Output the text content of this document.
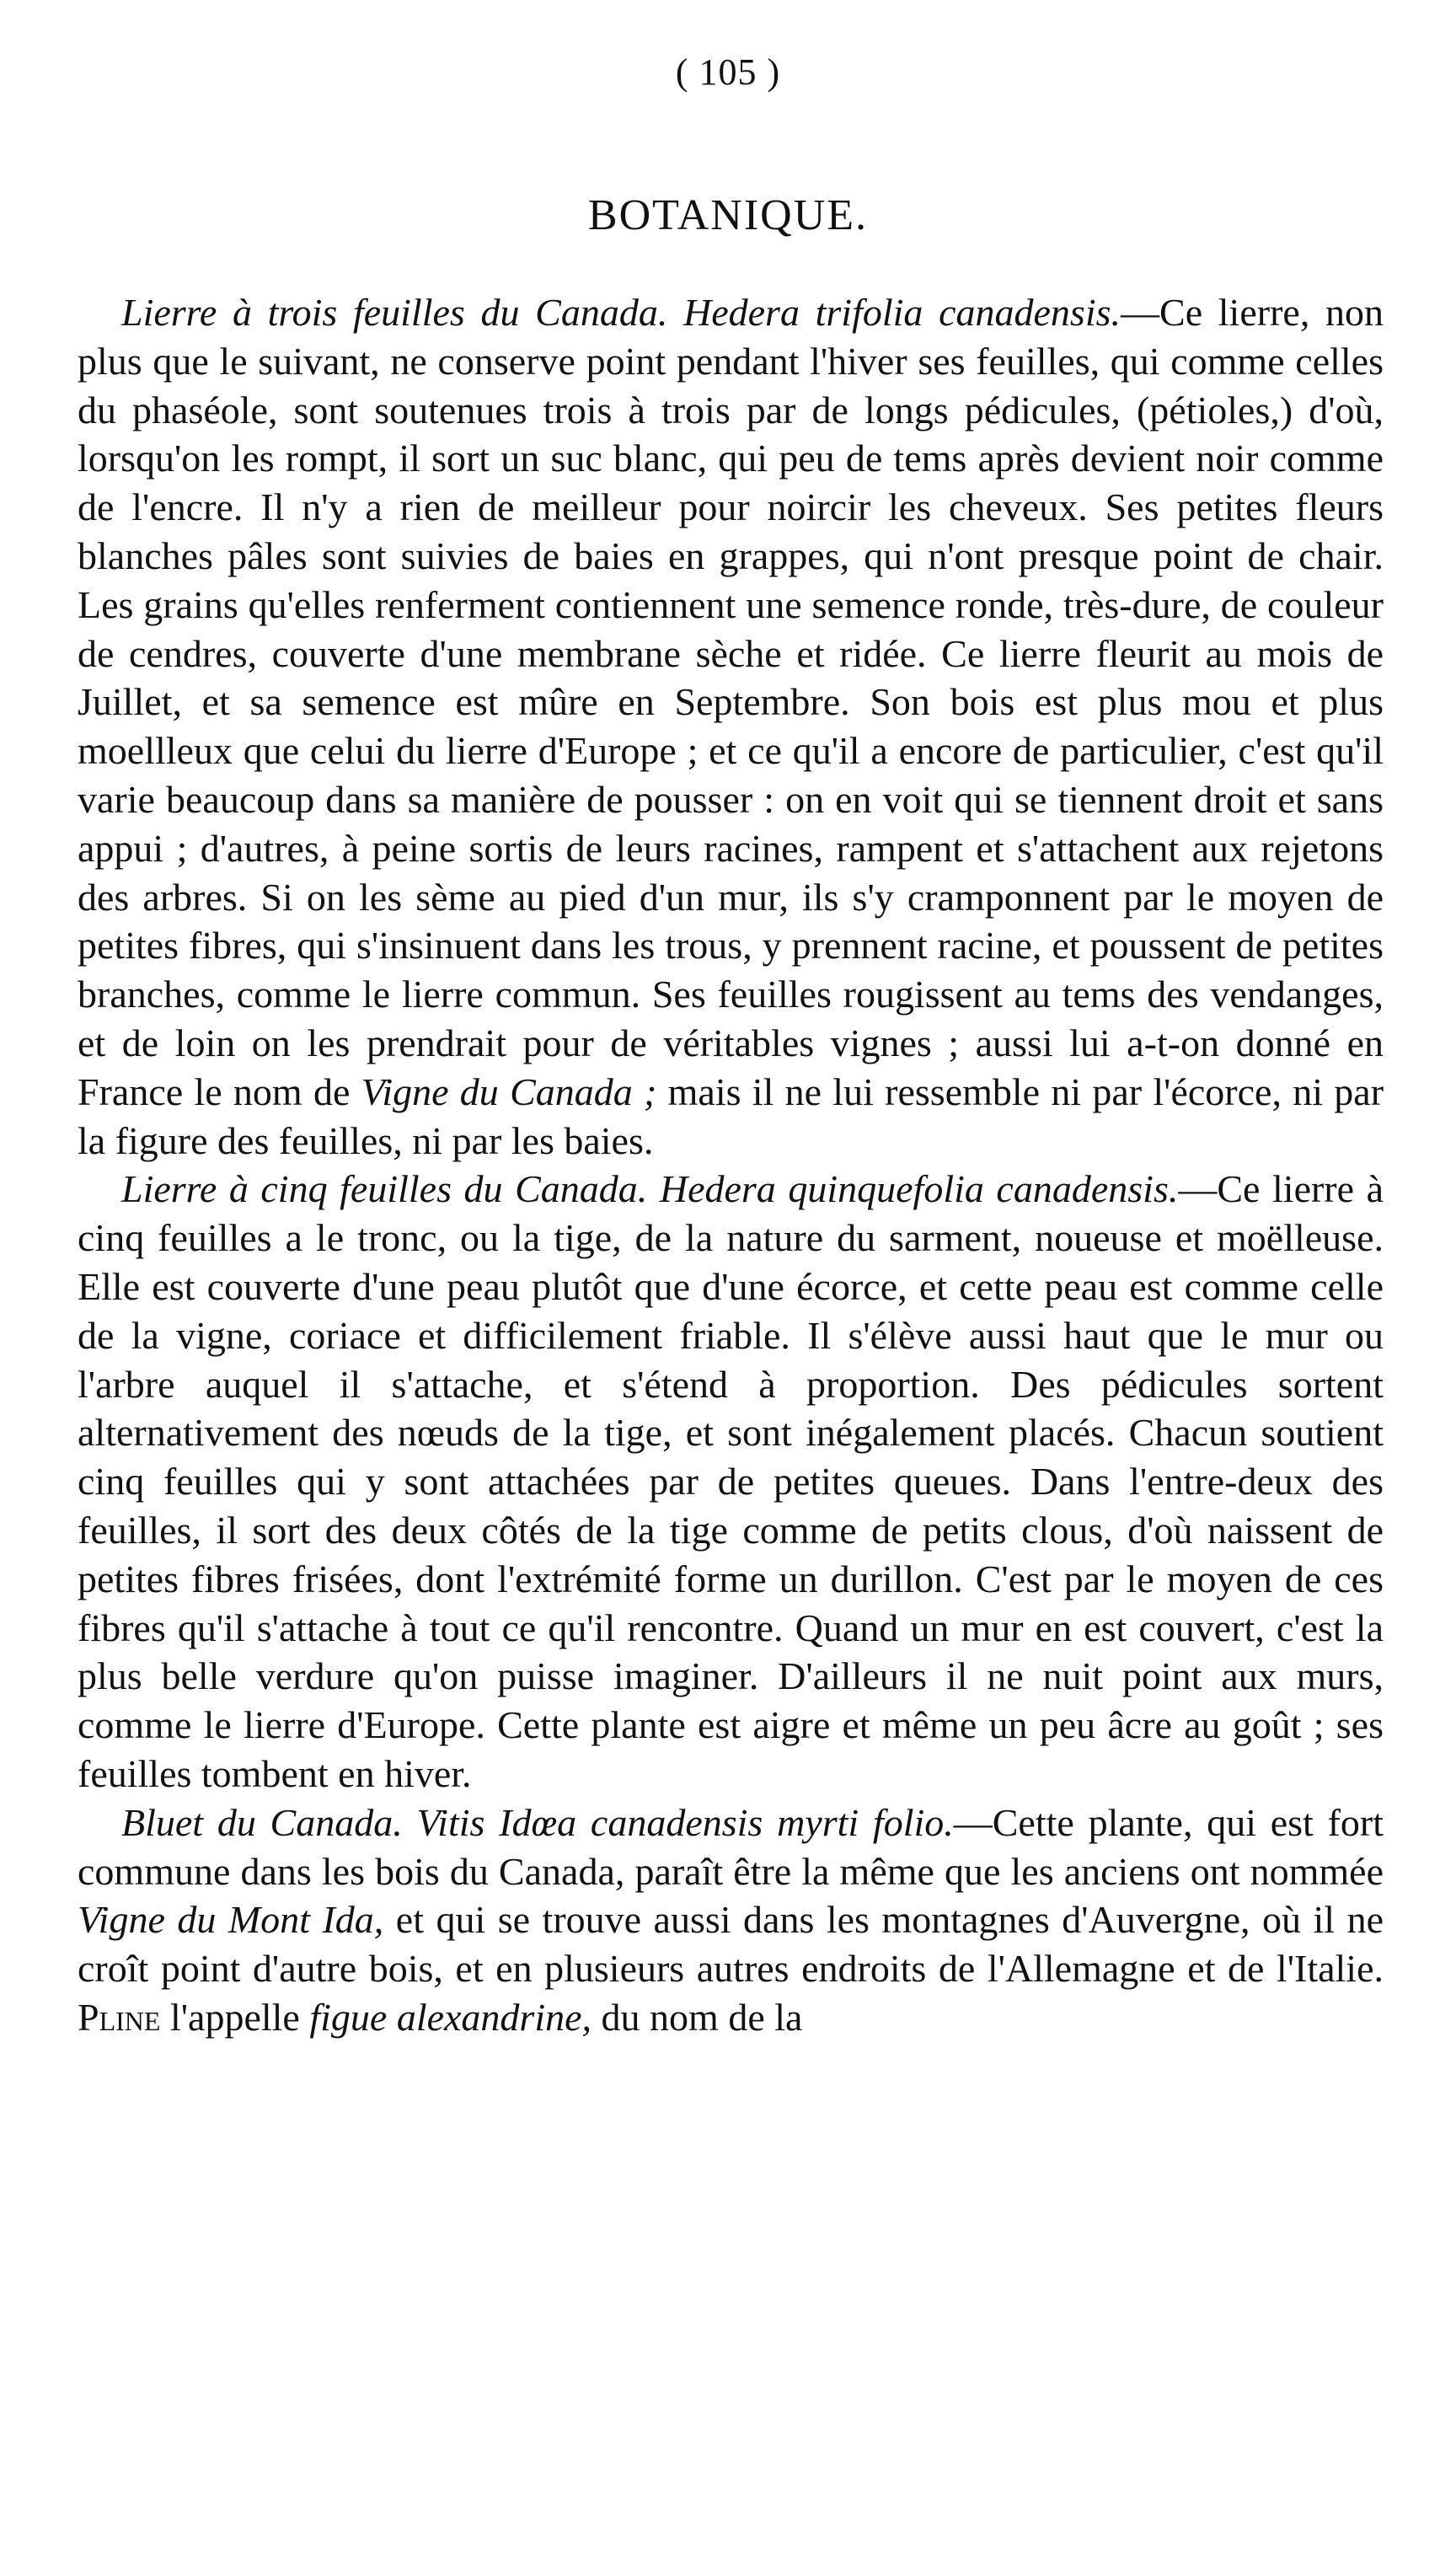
( 105 )
BOTANIQUE.

Lierre à trois feuilles du Canada. Hedera trifolia canadensis.—Ce lierre, non plus que le suivant, ne conserve point pendant l'hiver ses feuilles, qui comme celles du phaséole, sont soutenues trois à trois par de longs pédicules, (pétioles,) d'où, lorsqu'on les rompt, il sort un suc blanc, qui peu de tems après devient noir comme de l'encre. Il n'y a rien de meilleur pour noircir les cheveux. Ses petites fleurs blanches pâles sont suivies de baies en grappes, qui n'ont presque point de chair. Les grains qu'elles renferment contiennent une semence ronde, très-dure, de couleur de cendres, couverte d'une membrane sèche et ridée. Ce lierre fleurit au mois de Juillet, et sa semence est mûre en Septembre. Son bois est plus mou et plus moellleux que celui du lierre d'Europe ; et ce qu'il a encore de particulier, c'est qu'il varie beaucoup dans sa manière de pousser : on en voit qui se tiennent droit et sans appui ; d'autres, à peine sortis de leurs racines, rampent et s'attachent aux rejetons des arbres. Si on les sème au pied d'un mur, ils s'y cramponnent par le moyen de petites fibres, qui s'insinuent dans les trous, y prennent racine, et poussent de petites branches, comme le lierre commun. Ses feuilles rougissent au tems des vendanges, et de loin on les prendrait pour de véritables vignes ; aussi lui a-t-on donné en France le nom de Vigne du Canada ; mais il ne lui ressemble ni par l'écorce, ni par la figure des feuilles, ni par les baies.

Lierre à cinq feuilles du Canada. Hedera quinquefolia canadensis.—Ce lierre à cinq feuilles a le tronc, ou la tige, de la nature du sarment, noueuse et moëlleuse. Elle est couverte d'une peau plutôt que d'une écorce, et cette peau est comme celle de la vigne, coriace et difficilement friable. Il s'élève aussi haut que le mur ou l'arbre auquel il s'attache, et s'étend à proportion. Des pédicules sortent alternativement des nœuds de la tige, et sont inégalement placés. Chacun soutient cinq feuilles qui y sont attachées par de petites queues. Dans l'entre-deux des feuilles, il sort des deux côtés de la tige comme de petits clous, d'où naissent de petites fibres frisées, dont l'extrémité forme un durillon. C'est par le moyen de ces fibres qu'il s'attache à tout ce qu'il rencontre. Quand un mur en est couvert, c'est la plus belle verdure qu'on puisse imaginer. D'ailleurs il ne nuit point aux murs, comme le lierre d'Europe. Cette plante est aigre et même un peu âcre au goût ; ses feuilles tombent en hiver.

Bluet du Canada. Vitis Idœa canadensis myrti folio.—Cette plante, qui est fort commune dans les bois du Canada, paraît être la même que les anciens ont nommée Vigne du Mont Ida, et qui se trouve aussi dans les montagnes d'Auvergne, où il ne croît point d'autre bois, et en plusieurs autres endroits de l'Allemagne et de l'Italie. Pline l'appelle figue alexandrine, du nom de la
